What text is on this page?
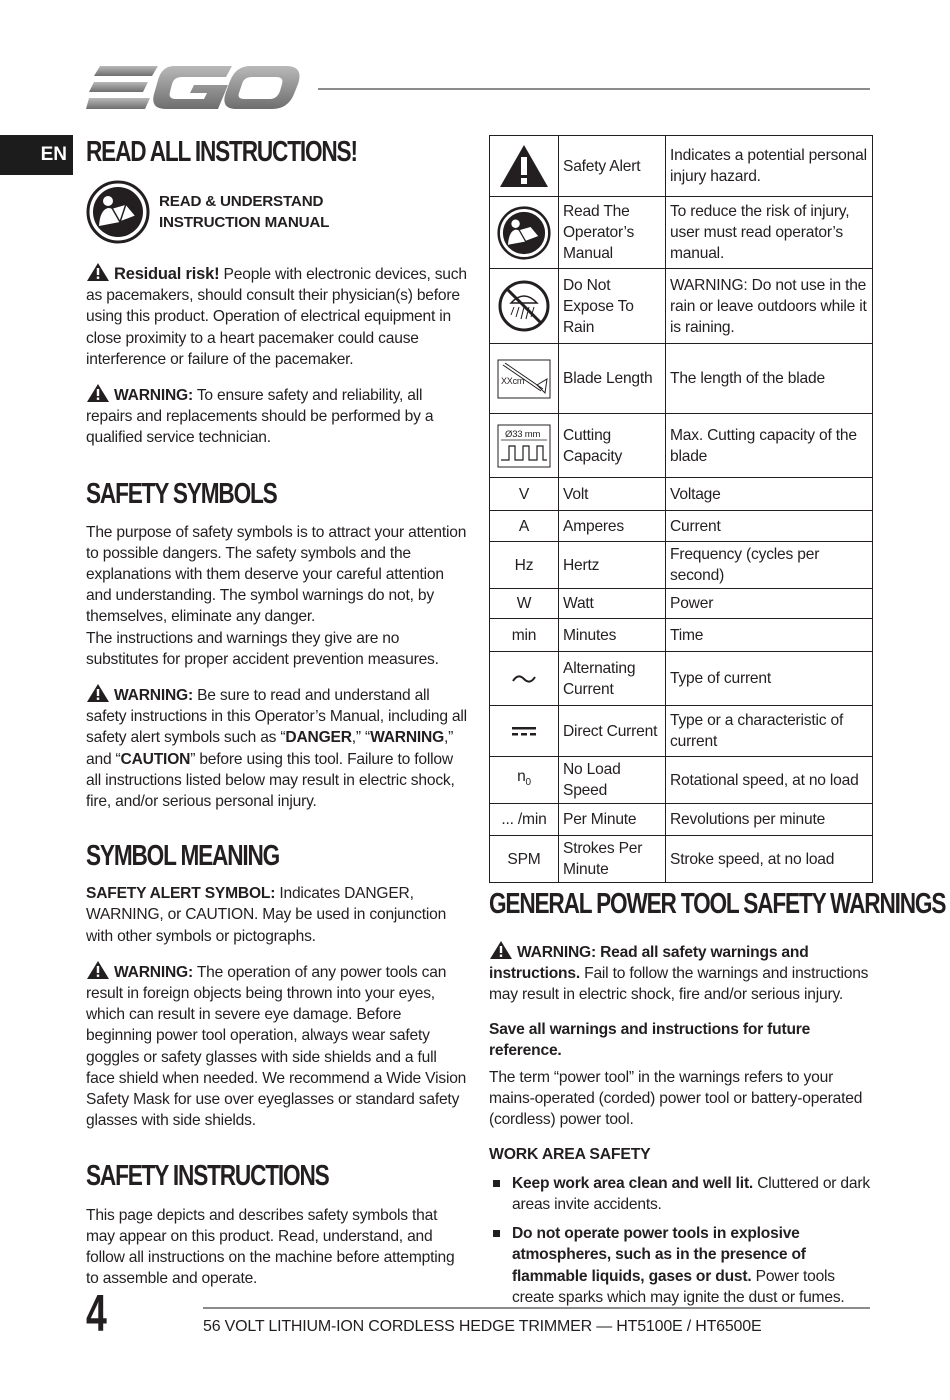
EN READ ALL INSTRUCTIONS!
READ & UNDERSTAND
INSTRUCTION MANUAL
Residual risk! People with electronic devices, such as pacemakers, should consult their physician(s) before using this product. Operation of electrical equipment in close proximity to a heart pacemaker could cause interference or failure of the pacemaker.
WARNING: To ensure safety and reliability, all repairs and replacements should be performed by a qualified service technician.
SAFETY SYMBOLS
The purpose of safety symbols is to attract your attention to possible dangers. The safety symbols and the explanations with them deserve your careful attention and understanding. The symbol warnings do not, by themselves, eliminate any danger.
The instructions and warnings they give are no substitutes for proper accident prevention measures.
WARNING: Be sure to read and understand all safety instructions in this Operator’s Manual, including all safety alert symbols such as “DANGER,” “WARNING,” and “CAUTION” before using this tool. Failure to follow all instructions listed below may result in electric shock, fire, and/or serious personal injury.
SYMBOL MEANING
SAFETY ALERT SYMBOL: Indicates DANGER, WARNING, or CAUTION. May be used in conjunction with other symbols or pictographs.
WARNING: The operation of any power tools can result in foreign objects being thrown into your eyes, which can result in severe eye damage. Before beginning power tool operation, always wear safety goggles or safety glasses with side shields and a full face shield when needed. We recommend a Wide Vision Safety Mask for use over eyeglasses or standard safety glasses with side shields.
SAFETY INSTRUCTIONS
This page depicts and describes safety symbols that may appear on this product. Read, understand, and follow all instructions on the machine before attempting to assemble and operate.
	Safety Alert	Indicates a potential personal injury hazard.

	Read The Operator’s Manual	To reduce the risk of injury, user must read operator’s manual.

	Do Not Expose To Rain	WARNING: Do not use in the rain or leave outdoors while it is raining.

XXcm	Blade Length	The length of the blade

Ø33 mm	Cutting Capacity	Max. Cutting capacity of the blade
V	Volt	Voltage
A	Amperes	Current
Hz	Hertz	Frequency (cycles per second)
W	Watt	Power
min	Minutes	Time

	Alternating Current	Type of current

	Direct Current	Type or a characteristic of current
$n_0$	No Load Speed	Rotational speed, at no load
... /min	Per Minute	Revolutions per minute
SPM	Strokes Per Minute	Stroke speed, at no load
GENERAL POWER TOOL SAFETY WARNINGS
WARNING: Read all safety warnings and instructions. Fail to follow the warnings and instructions may result in electric shock, fire and/or serious injury.
Save all warnings and instructions for future reference.
The term “power tool” in the warnings refers to your mains-operated (corded) power tool or battery-operated (cordless) power tool.
WORK AREA SAFETY
Keep work area clean and well lit. Cluttered or dark areas invite accidents.
Do not operate power tools in explosive atmospheres, such as in the presence of flammable liquids, gases or dust. Power tools create sparks which may ignite the dust or fumes.
4	56 VOLT LITHIUM-ION CORDLESS HEDGE TRIMMER — HT5100E / HT6500E
